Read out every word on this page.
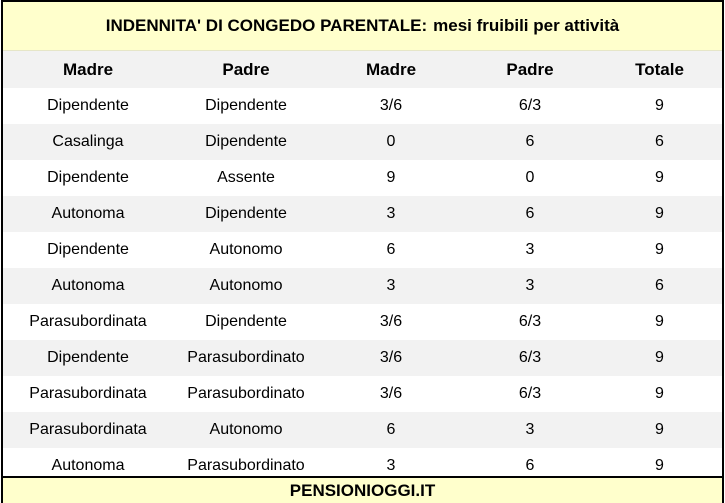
INDENNITA' DI CONGEDO PARENTALE: mesi fruibili per attività
Madre	Padre	Madre	Padre	Totale
Dipendente	Dipendente	3/6	6/3	9
Casalinga	Dipendente	0	6	6
Dipendente	Assente	9	0	9
Autonoma	Dipendente	3	6	9
Dipendente	Autonomo	6	3	9
Autonoma	Autonomo	3	3	6
Parasubordinata	Dipendente	3/6	6/3	9
Dipendente	Parasubordinato	3/6	6/3	9
Parasubordinata	Parasubordinato	3/6	6/3	9
Parasubordinata	Autonomo	6	3	9
Autonoma	Parasubordinato	3	6	9
PENSIONIOGGI.IT
